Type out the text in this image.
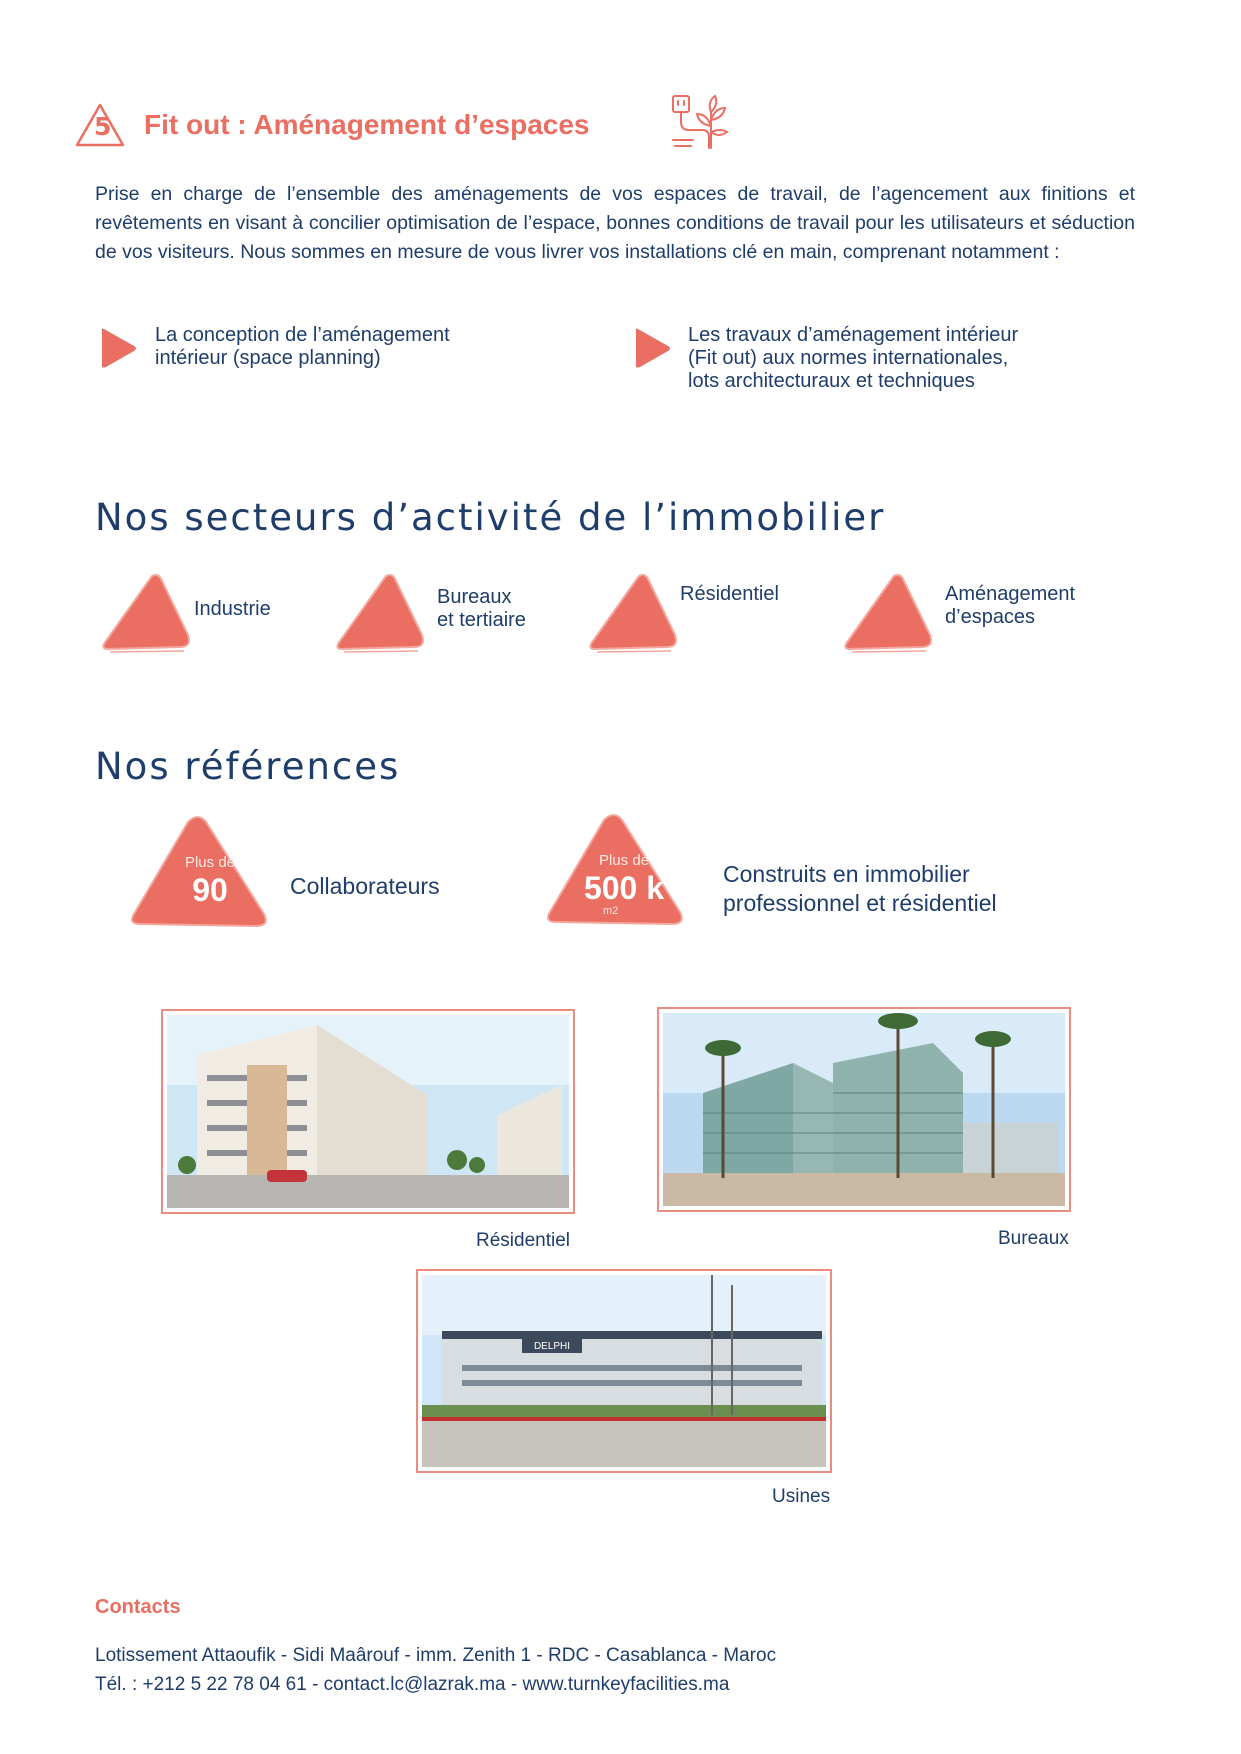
5 Fit out : Aménagement d’espaces
Prise en charge de l’ensemble des aménagements de vos espaces de travail, de l’agencement aux finitions et revêtements en visant à concilier optimisation de l’espace, bonnes conditions de travail pour les utilisateurs et séduction de vos visiteurs. Nous sommes en mesure de vous livrer vos installations clé en main, comprenant notamment :
La conception de l’aménagement
intérieur (space planning)
Les travaux d’aménagement intérieur
(Fit out) aux normes internationales,
lots architecturaux et techniques
Nos secteurs d’activité de l’immobilier
Industrie
Bureaux
et tertiaire
Résidentiel	Aménagement
d’espaces
Nos références
Plus de
90	Collaborateurs
Plus de
500 k
m2
Construits en immobilier
professionnel et résidentiel
Résidentiel	Bureaux
DELPHI
Usines
Contacts
Lotissement Attaoufik - Sidi Maârouf - imm. Zenith 1 - RDC - Casablanca - Maroc
Tél. : +212 5 22 78 04 61 - contact.lc@lazrak.ma - www.turnkeyfacilities.ma
